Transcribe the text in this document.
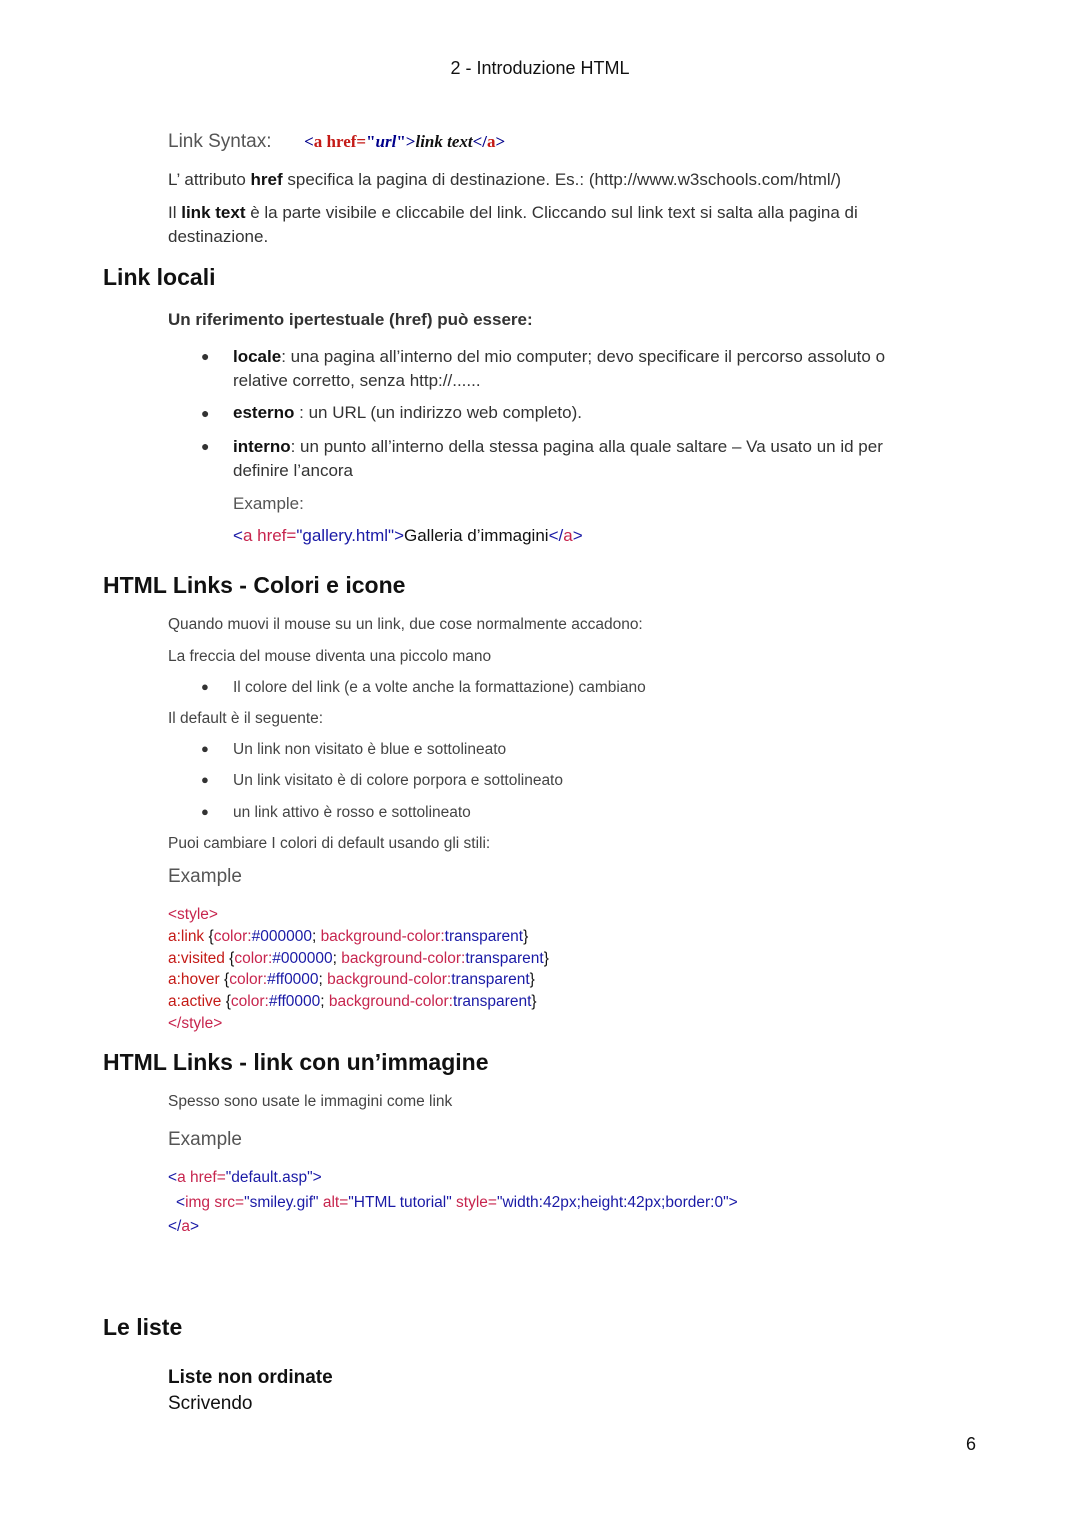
2 - Introduzione HTML
Link Syntax: <a href="url">link text</a>
L’ attributo href specifica la pagina di destinazione. Es.: (http://www.w3schools.com/html/)
Il link text è la parte visibile e cliccabile del link. Cliccando sul link text si salta alla pagina di
destinazione.
Link locali
Un riferimento ipertestuale (href) può essere:
● locale: una pagina all’interno del mio computer; devo specificare il percorso assoluto o
relative corretto, senza http://......
● esterno : un URL (un indirizzo web completo).
● interno: un punto all’interno della stessa pagina alla quale saltare – Va usato un id per
definire l’ancora
Example:
<a href="gallery.html">Galleria d’immagini</a>
HTML Links - Colori e icone
Quando muovi il mouse su un link, due cose normalmente accadono:
La freccia del mouse diventa una piccolo mano
● Il colore del link (e a volte anche la formattazione) cambiano
Il default è il seguente:
● Un link non visitato è blue e sottolineato
● Un link visitato è di colore porpora e sottolineato
● un link attivo è rosso e sottolineato
Puoi cambiare I colori di default usando gli stili:
Example
<style>
a:link {color:#000000; background-color:transparent}
a:visited {color:#000000; background-color:transparent}
a:hover {color:#ff0000; background-color:transparent}
a:active {color:#ff0000; background-color:transparent}
</style>
HTML Links - link con un’immagine
Spesso sono usate le immagini come link
Example
<a href="default.asp">
<img src="smiley.gif" alt="HTML tutorial" style="width:42px;height:42px;border:0">
</a>
Le liste
Liste non ordinate
Scrivendo
6
